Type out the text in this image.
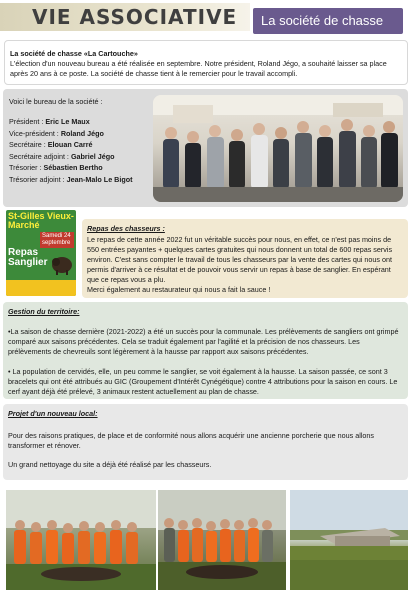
VIE ASSOCIATIVE	La société de chasse

La société de chasse «La Cartouche»
L'élection d'un nouveau bureau a été réalisée en septembre. Notre président, Roland Jégo, a souhaité laisser sa place après 20 ans à ce poste. La société de chasse tient à le remercier pour le travail accompli.

Voici le bureau de la société :

Président : Eric Le Maux
Vice-président : Roland Jégo
Secrétaire : Elouan Carré
Secrétaire adjoint : Gabriel Jégo
Trésorier : Sébastien Bertho
Trésorier adjoint : Jean-Malo Le Bigot
St-Gilles Vieux-Marché
Samedi 24 septembre
Repas Sanglier
Repas des chasseurs :

Le repas de cette année 2022 fut un véritable succès pour nous, en effet, ce n'est pas moins de 550 entrées payantes + quelques cartes gratuites qui nous donnent un total de 600 repas servis environ. C'est sans compter le travail de tous les chasseurs par la vente des cartes qui nous ont permis d'arriver à ce résultat et de pouvoir vous servir un repas à base de sanglier. En espérant que ce repas vous a plu.

Merci également au restaurateur qui nous a fait la sauce !

Gestion du territoire:

•La saison de chasse dernière (2021-2022) a été un succès pour la communale. Les prélèvements de sangliers ont grimpé comparé aux saisons précédentes. Cela se traduit également par l'agilité et la précision de nos chasseurs. Les prélèvements de chevreuils sont légèrement à la hausse par rapport aux saisons précédentes.

• La population de cervidés, elle, un peu comme le sanglier, se voit également à la hausse. La saison passée, ce sont 3 bracelets qui ont été attribués au GIC (Groupement d'Intérêt Cynégétique) contre 4 attributions pour la saison en cours. Le cerf ayant déjà été prélevé, 3 animaux restent actuellement au plan de chasse.

Projet d'un nouveau local:

Pour des raisons pratiques, de place et de conformité nous allons acquérir une ancienne porcherie que nous allons transformer et rénover.

Un grand nettoyage du site a déjà été réalisé par les chasseurs.
